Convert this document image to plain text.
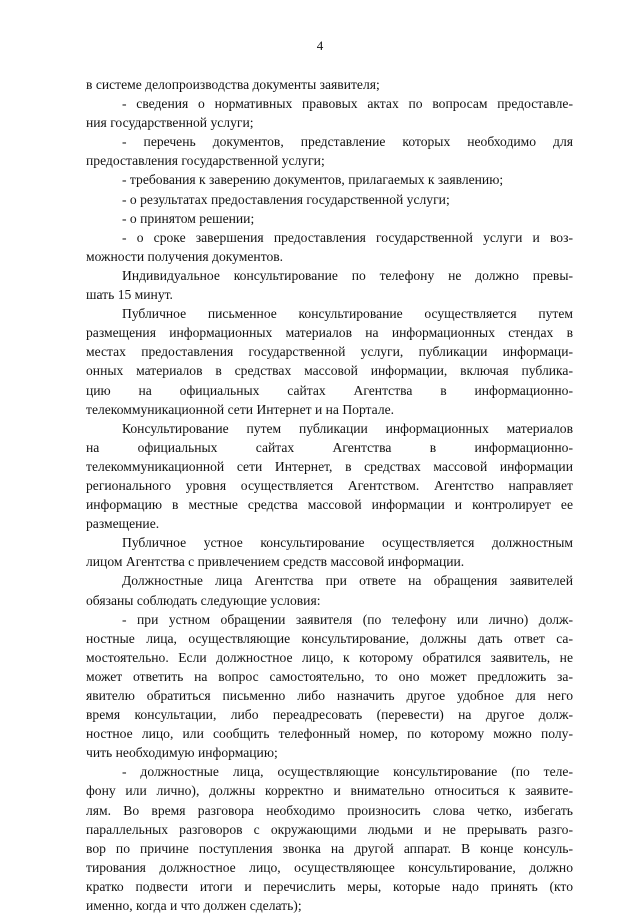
4
в системе делопроизводства документы заявителя;
- сведения о нормативных правовых актах по вопросам предоставле-
ния государственной услуги;
- перечень документов, представление которых необходимо для
предоставления государственной услуги;
- требования к заверению документов, прилагаемых к заявлению;
- о результатах предоставления государственной услуги;
- о принятом решении;
- о сроке завершения предоставления государственной услуги и воз-
можности получения документов.
Индивидуальное консультирование по телефону не должно превы-
шать 15 минут.
Публичное письменное консультирование осуществляется путем
размещения информационных материалов на информационных стендах в
местах предоставления государственной услуги, публикации информаци-
онных материалов в средствах массовой информации, включая публика-
цию на официальных сайтах Агентства в информационно-
телекоммуникационной сети Интернет и на Портале.
Консультирование путем публикации информационных материалов
на официальных сайтах Агентства в информационно-
телекоммуникационной сети Интернет, в средствах массовой информации
регионального уровня осуществляется Агентством. Агентство направляет
информацию в местные средства массовой информации и контролирует ее
размещение.
Публичное устное консультирование осуществляется должностным
лицом Агентства с привлечением средств массовой информации.
Должностные лица Агентства при ответе на обращения заявителей
обязаны соблюдать следующие условия:
- при устном обращении заявителя (по телефону или лично) долж-
ностные лица, осуществляющие консультирование, должны дать ответ са-
мостоятельно. Если должностное лицо, к которому обратился заявитель, не
может ответить на вопрос самостоятельно, то оно может предложить за-
явителю обратиться письменно либо назначить другое удобное для него
время консультации, либо переадресовать (перевести) на другое долж-
ностное лицо, или сообщить телефонный номер, по которому можно полу-
чить необходимую информацию;
- должностные лица, осуществляющие консультирование (по теле-
фону или лично), должны корректно и внимательно относиться к заявите-
лям. Во время разговора необходимо произносить слова четко, избегать
параллельных разговоров с окружающими людьми и не прерывать разго-
вор по причине поступления звонка на другой аппарат. В конце консуль-
тирования должностное лицо, осуществляющее консультирование, должно
кратко подвести итоги и перечислить меры, которые надо принять (кто
именно, когда и что должен сделать);
